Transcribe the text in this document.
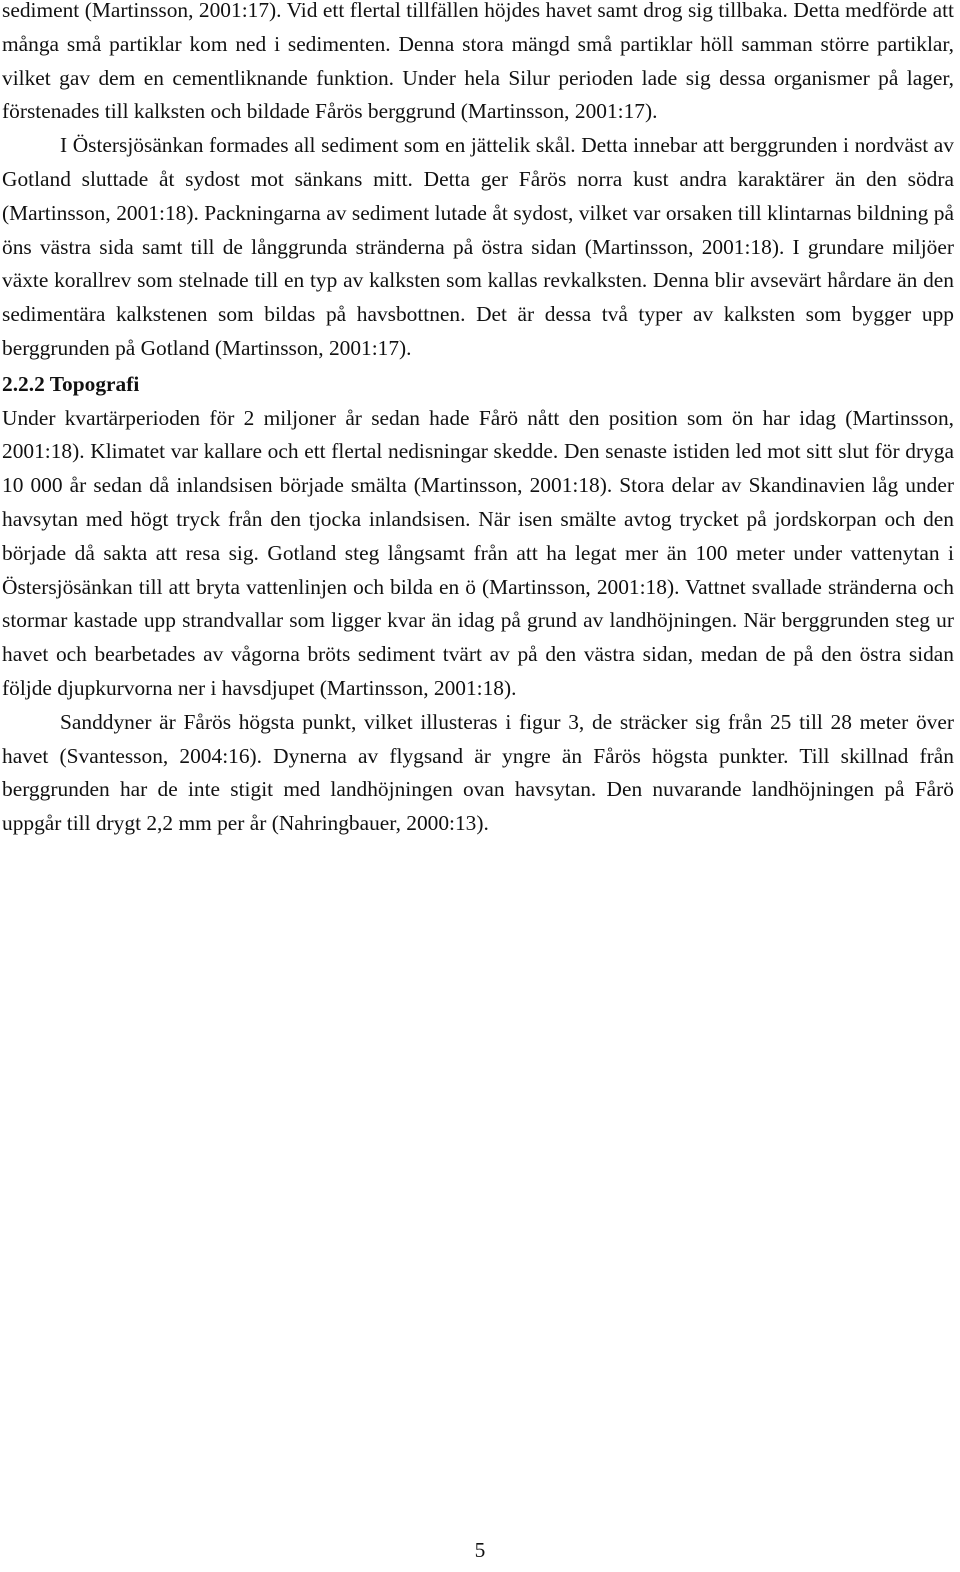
sediment (Martinsson, 2001:17). Vid ett flertal tillfällen höjdes havet samt drog sig tillbaka. Detta medförde att många små partiklar kom ned i sedimenten. Denna stora mängd små partiklar höll samman större partiklar, vilket gav dem en cementliknande funktion. Under hela Silur perioden lade sig dessa organismer på lager, förstenades till kalksten och bildade Fårös berggrund (Martinsson, 2001:17).

I Östersjösänkan formades all sediment som en jättelik skål. Detta innebar att berggrunden i nordväst av Gotland sluttade åt sydost mot sänkans mitt. Detta ger Fårös norra kust andra karaktärer än den södra (Martinsson, 2001:18). Packningarna av sediment lutade åt sydost, vilket var orsaken till klintarnas bildning på öns västra sida samt till de långgrunda stränderna på östra sidan (Martinsson, 2001:18). I grundare miljöer växte korallrev som stelnade till en typ av kalksten som kallas revkalksten. Denna blir avsevärt hårdare än den sedimentära kalkstenen som bildas på havsbottnen. Det är dessa två typer av kalksten som bygger upp berggrunden på Gotland (Martinsson, 2001:17).

2.2.2 Topografi

Under kvartärperioden för 2 miljoner år sedan hade Fårö nått den position som ön har idag (Martinsson, 2001:18). Klimatet var kallare och ett flertal nedisningar skedde. Den senaste istiden led mot sitt slut för dryga 10 000 år sedan då inlandsisen började smälta (Martinsson, 2001:18). Stora delar av Skandinavien låg under havsytan med högt tryck från den tjocka inlandsisen. När isen smälte avtog trycket på jordskorpan och den började då sakta att resa sig. Gotland steg långsamt från att ha legat mer än 100 meter under vattenytan i Östersjösänkan till att bryta vattenlinjen och bilda en ö (Martinsson, 2001:18). Vattnet svallade stränderna och stormar kastade upp strandvallar som ligger kvar än idag på grund av landhöjningen. När berggrunden steg ur havet och bearbetades av vågorna bröts sediment tvärt av på den västra sidan, medan de på den östra sidan följde djupkurvorna ner i havsdjupet (Martinsson, 2001:18).

Sanddyner är Fårös högsta punkt, vilket illusteras i figur 3, de sträcker sig från 25 till 28 meter över havet (Svantesson, 2004:16). Dynerna av flygsand är yngre än Fårös högsta punkter. Till skillnad från berggrunden har de inte stigit med landhöjningen ovan havsytan. Den nuvarande landhöjningen på Fårö uppgår till drygt 2,2 mm per år (Nahringbauer, 2000:13).

5
